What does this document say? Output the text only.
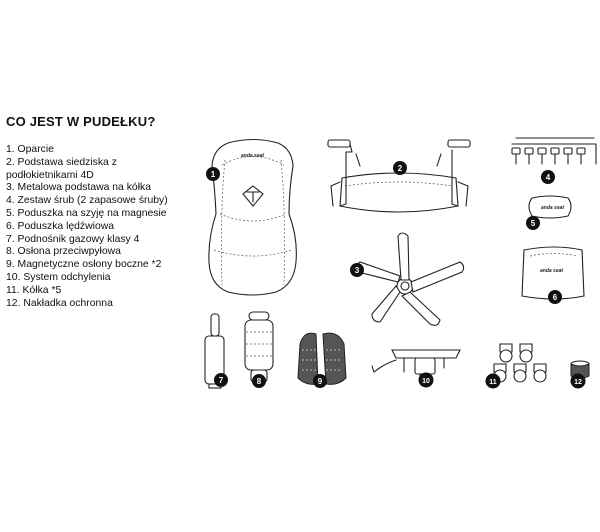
CO JEST W PUDEŁKU?
1. Oparcie
2. Podstawa siedziska z
podłokietnikami 4D
3. Metalowa podstawa na kółka
4. Zestaw śrub (2 zapasowe śruby)
5. Poduszka na szyję na magnesie
6. Poduszka lędźwiowa
7. Podnośnik gazowy klasy 4
8. Osłona przeciwpyłowa
9. Magnetyczne osłony boczne *2
10. System odchylenia
11. Kółka *5
12. Nakładka ochronna
anda seat
anda seat
anda seat
1
2
3
4
5
6
7	8	9	10	11	12
